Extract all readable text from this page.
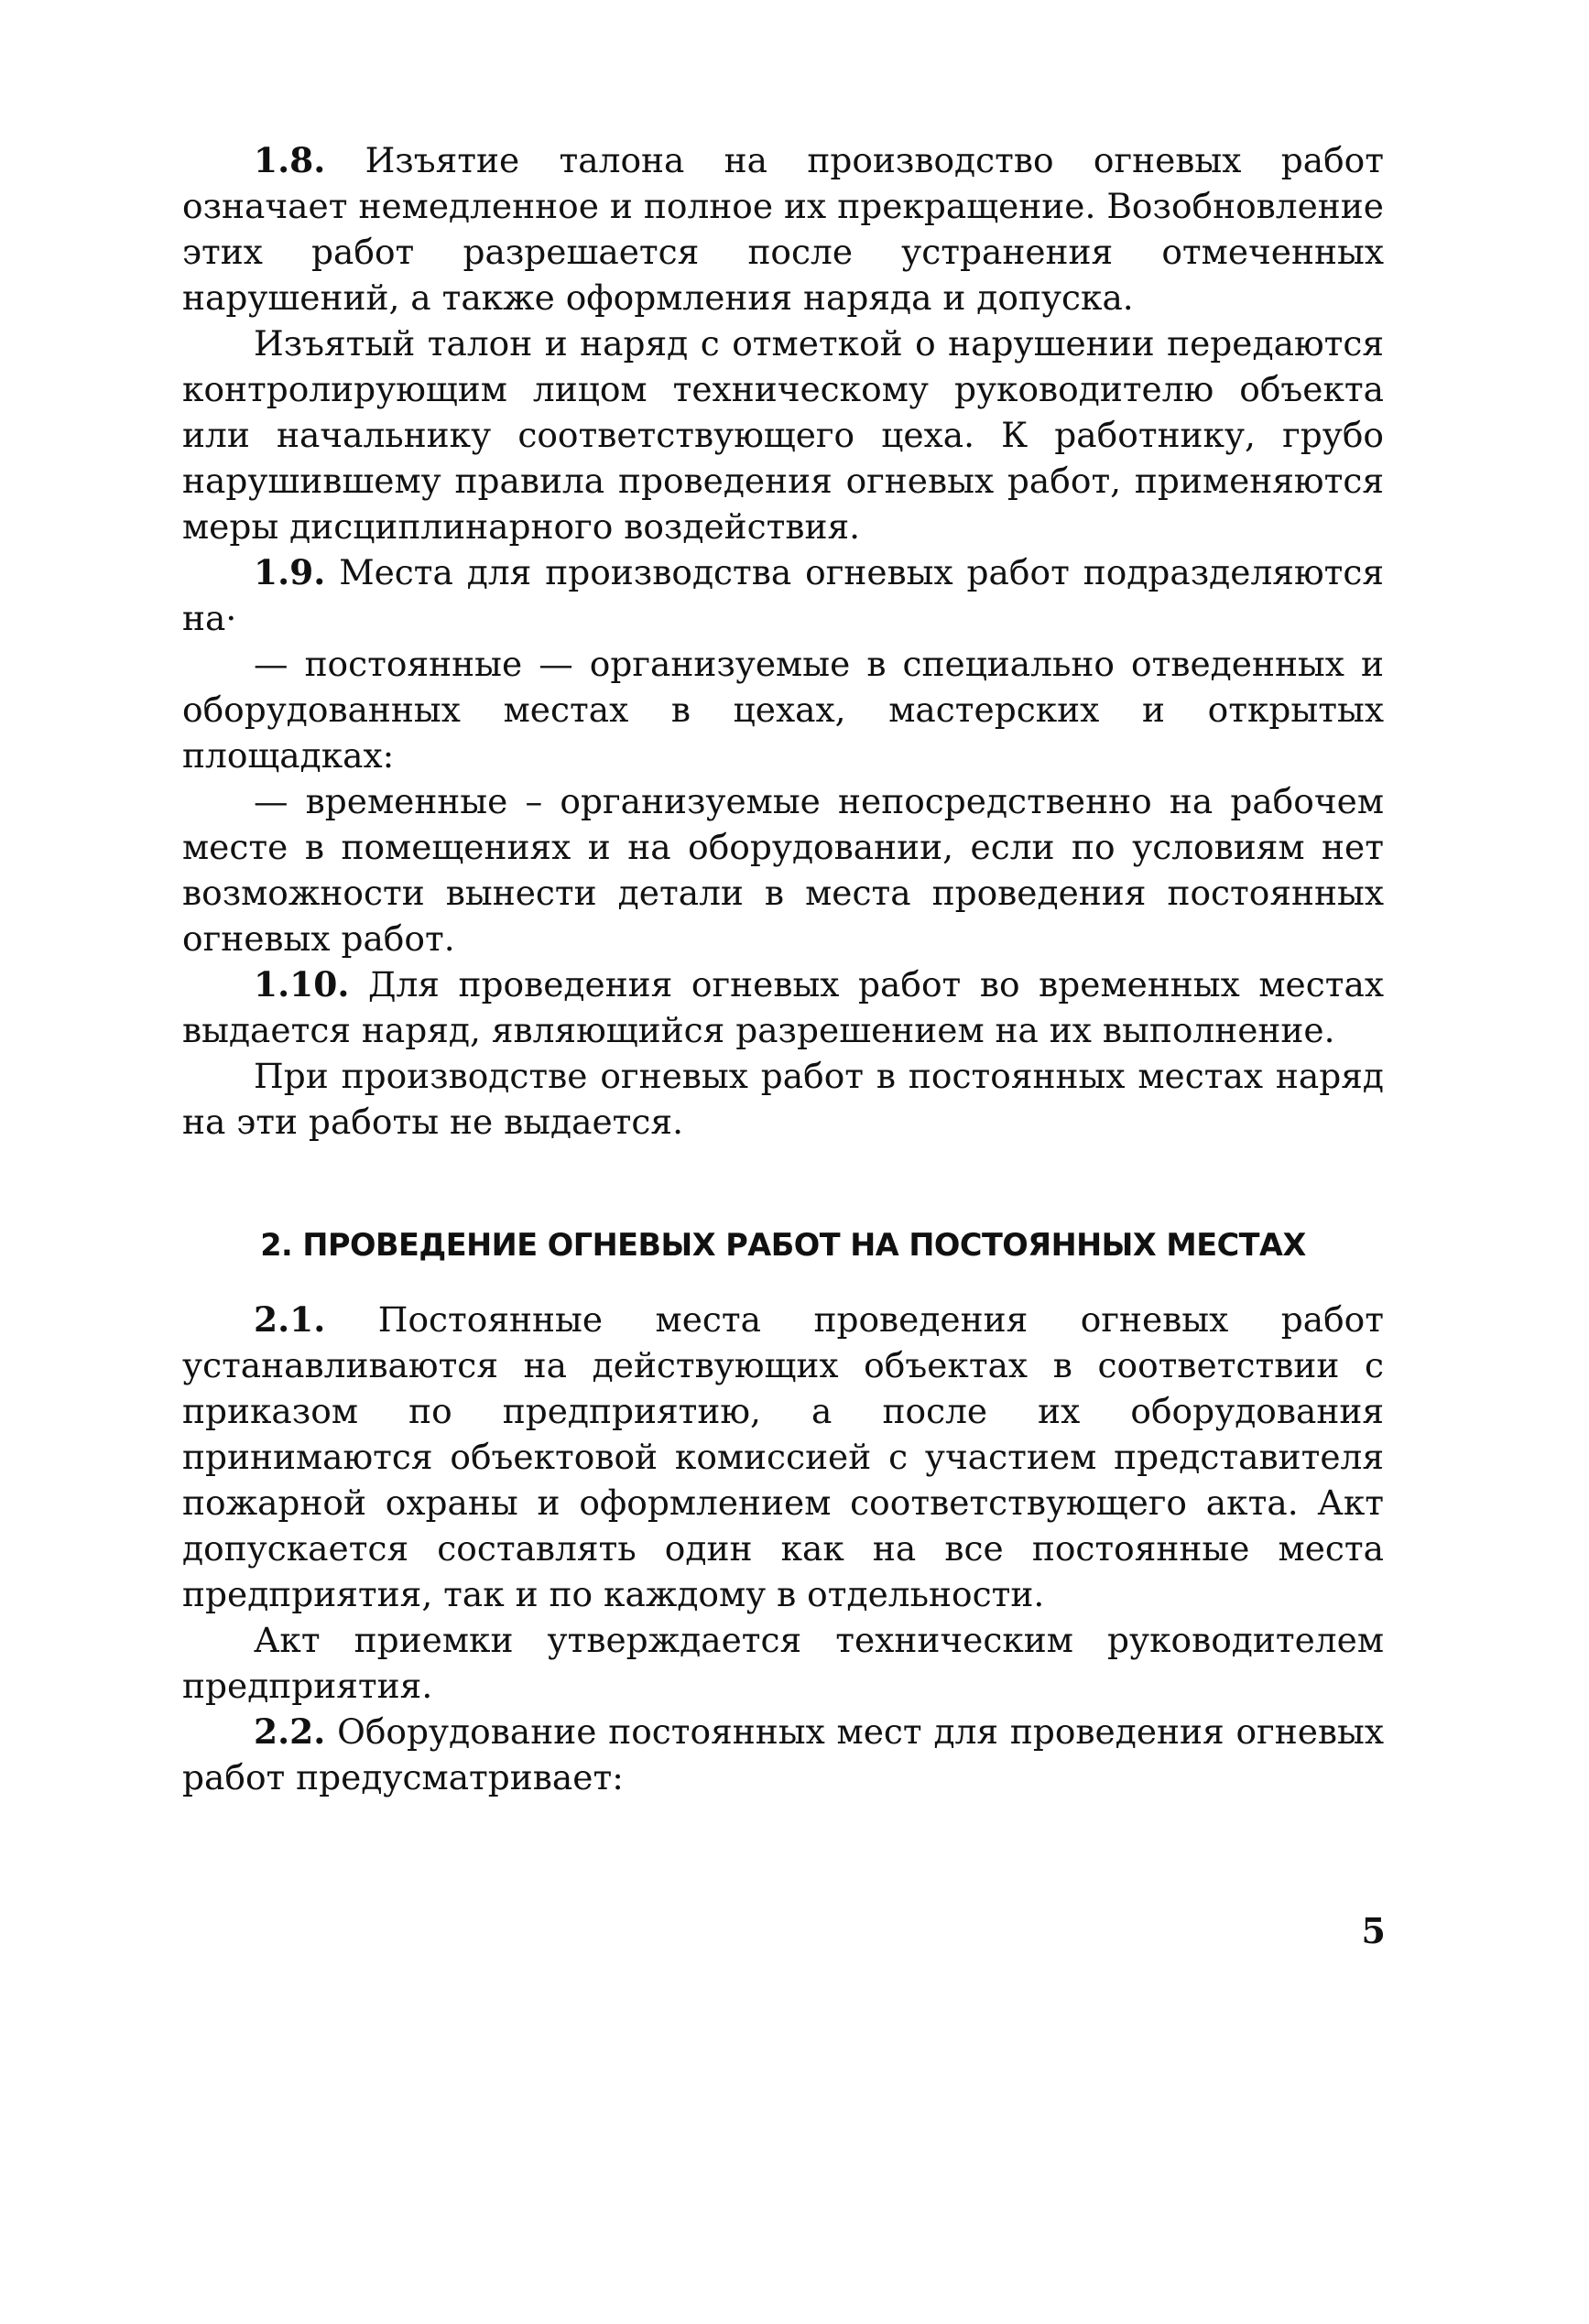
1.8. Изъятие талона на производство огневых работ означает немедленное и полное их прекращение. Возобновление этих работ разрешается после устранения отмеченных нарушений, а также оформления наряда и допуска.

Изъятый талон и наряд с отметкой о нарушении передаются контролирующим лицом техническому руководителю объекта или начальнику соответствующего цеха. К работнику, грубо нарушившему правила проведения огневых работ, применяются меры дисциплинарного воздействия.

1.9. Места для производства огневых работ подразделяются на·

— постоянные — организуемые в специально отведенных и оборудованных местах в цехах, мастерских и открытых площадках:

— временные – организуемые непосредственно на рабочем месте в помещениях и на оборудовании, если по условиям нет возможности вынести детали в места проведения постоянных огневых работ.

1.10. Для проведения огневых работ во временных местах выдается наряд, являющийся разрешением на их выполнение.

При производстве огневых работ в постоянных местах наряд на эти работы не выдается.

2. ПРОВЕДЕНИЕ ОГНЕВЫХ РАБОТ НА ПОСТОЯННЫХ МЕСТАХ

2.1. Постоянные места проведения огневых работ устанавливаются на действующих объектах в соответствии с приказом по предприятию, а после их оборудования принимаются объектовой комиссией с участием представителя пожарной охраны и оформлением соответствующего акта. Акт допускается составлять один как на все постоянные места предприятия, так и по каждому в отдельности.

Акт приемки утверждается техническим руководителем предприятия.

2.2. Оборудование постоянных мест для проведения огневых работ предусматривает:

5
